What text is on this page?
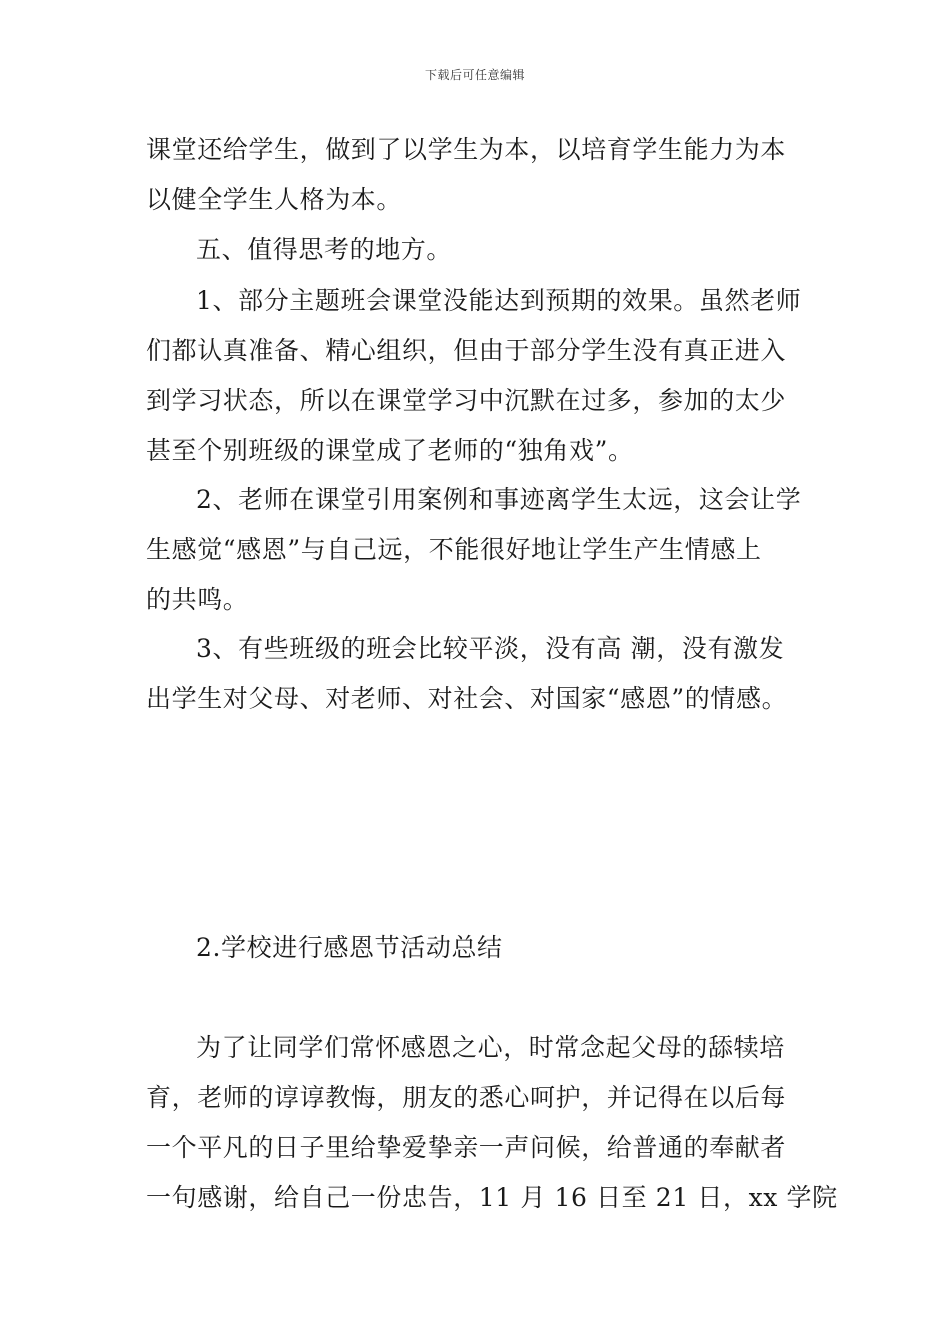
下载后可任意编辑
课堂还给学生，做到了以学生为本，以培育学生能力为本
以健全学生人格为本。
五、值得思考的地方。
1、部分主题班会课堂没能达到预期的效果。虽然老师
们都认真准备、精心组织，但由于部分学生没有真正进入
到学习状态，所以在课堂学习中沉默在过多，参加的太少
甚至个别班级的课堂成了老师的“独角戏”。
2、老师在课堂引用案例和事迹离学生太远，这会让学
生感觉“感恩”与自己远，不能很好地让学生产生情感上
的共鸣。
3、有些班级的班会比较平淡，没有高 潮，没有激发
出学生对父母、对老师、对社会、对国家“感恩”的情感。
2.学校进行感恩节活动总结
为了让同学们常怀感恩之心，时常念起父母的舔犊培
育，老师的谆谆教悔，朋友的悉心呵护，并记得在以后每
一个平凡的日子里给挚爱挚亲一声问候，给普通的奉献者
一句感谢，给自己一份忠告，11 月 16 日至 21 日，xx 学院
